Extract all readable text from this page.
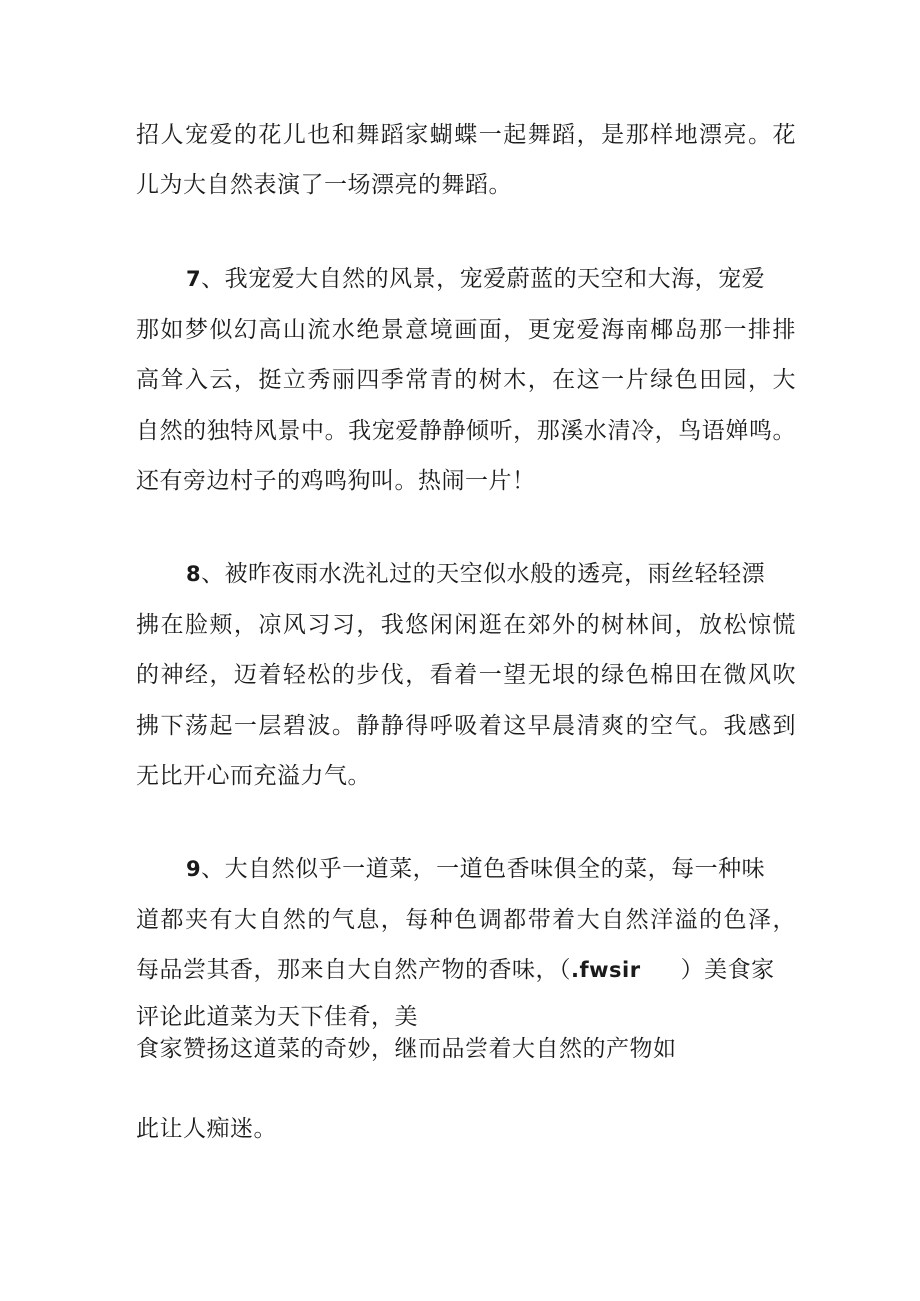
招人宠爱的花儿也和舞蹈家蝴蝶一起舞蹈，是那样地漂亮。花
儿为大自然表演了一场漂亮的舞蹈。
7、我宠爱大自然的风景，宠爱蔚蓝的天空和大海，宠爱
那如梦似幻高山流水绝景意境画面，更宠爱海南椰岛那一排排
高耸入云，挺立秀丽四季常青的树木，在这一片绿色田园，大
自然的独特风景中。我宠爱静静倾听，那溪水清冷，鸟语婵鸣。
还有旁边村子的鸡鸣狗叫。热闹一片！
8、被昨夜雨水洗礼过的天空似水般的透亮，雨丝轻轻漂
拂在脸颊，凉风习习，我悠闲闲逛在郊外的树林间，放松惊慌
的神经，迈着轻松的步伐，看着一望无垠的绿色棉田在微风吹
拂下荡起一层碧波。静静得呼吸着这早晨清爽的空气。我感到
无比开心而充溢力气。
9、大自然似乎一道菜，一道色香味俱全的菜，每一种味
道都夹有大自然的气息，每种色调都带着大自然洋溢的色泽，
每品尝其香，那来自大自然产物的香味，（.fwsir ）美食家
评论此道菜为天下佳肴，美
食家赞扬这道菜的奇妙，继而品尝着大自然的产物如
此让人痴迷。
